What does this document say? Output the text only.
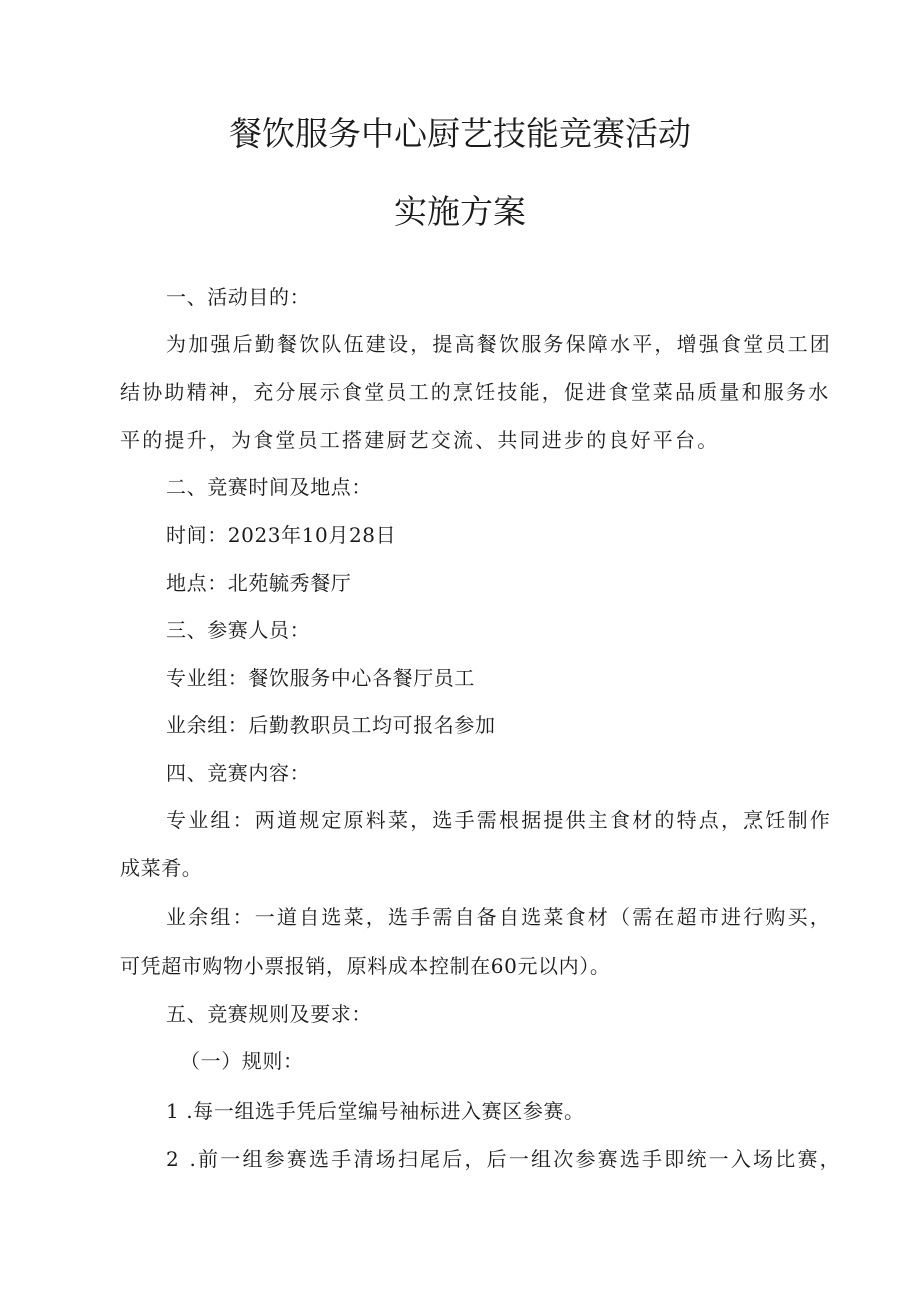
餐饮服务中心厨艺技能竞赛活动
实施方案
一、活动目的：
为加强后勤餐饮队伍建设，提高餐饮服务保障水平，增强食堂员工团
结协助精神，充分展示食堂员工的烹饪技能，促进食堂菜品质量和服务水
平的提升，为食堂员工搭建厨艺交流、共同进步的良好平台。
二、竞赛时间及地点：
时间：2023年10月28日
地点：北苑毓秀餐厅
三、参赛人员：
专业组：餐饮服务中心各餐厅员工
业余组：后勤教职员工均可报名参加
四、竞赛内容：
专业组：两道规定原料菜，选手需根据提供主食材的特点，烹饪制作
成菜肴。
业余组：一道自选菜，选手需自备自选菜食材（需在超市进行购买，
可凭超市购物小票报销，原料成本控制在60元以内）。
五、竞赛规则及要求：
（一）规则：
1 .每一组选手凭后堂编号袖标进入赛区参赛。
2 .前一组参赛选手清场扫尾后，后一组次参赛选手即统一入场比赛，
